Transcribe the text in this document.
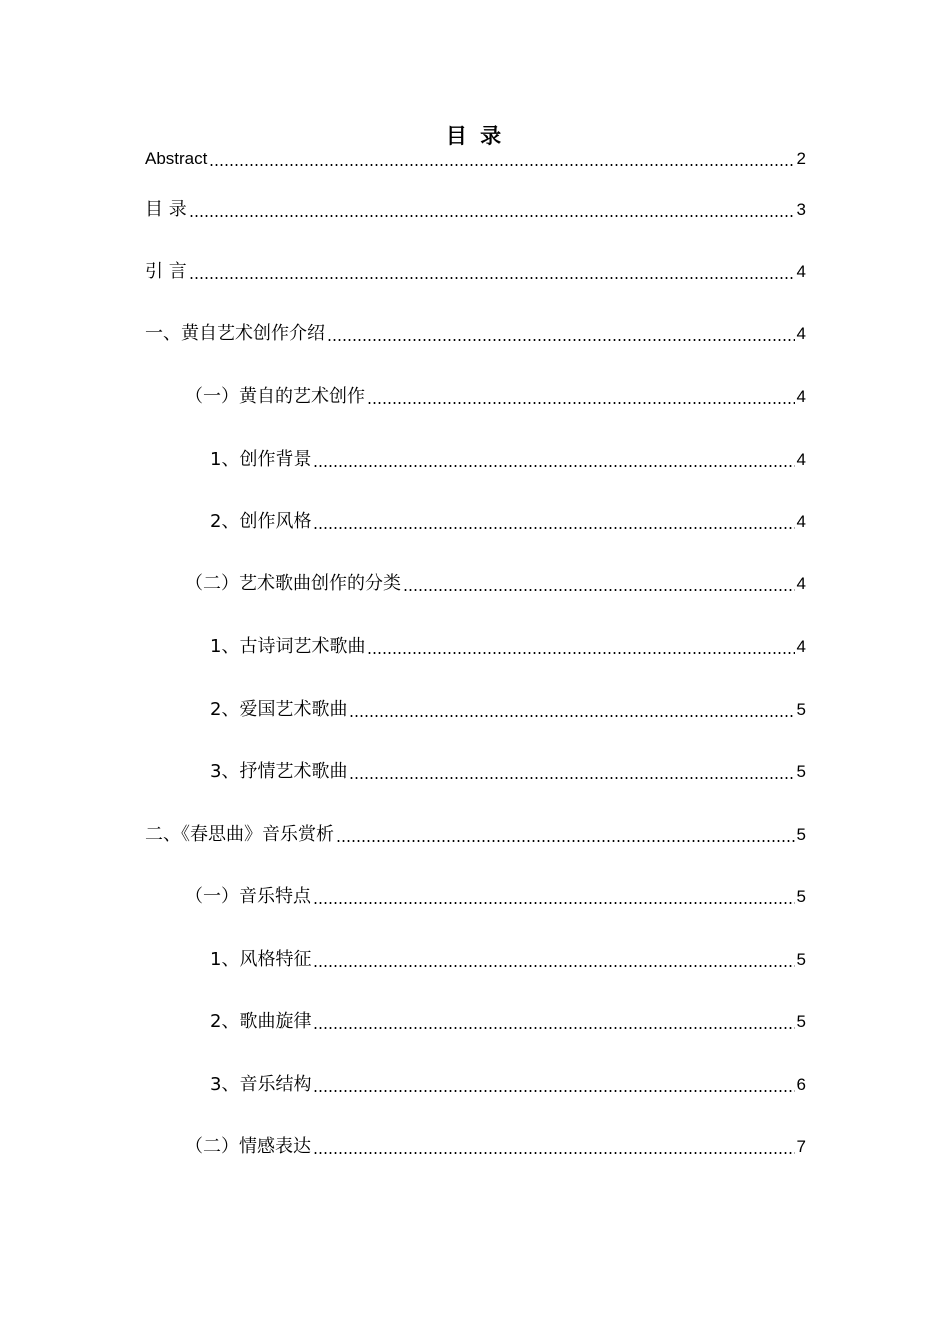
目 录
Abstract	2
目 录	3
引 言	4
一、黄自艺术创作介绍	4
（一）黄自的艺术创作	4
1、创作背景	4
2、创作风格	4
（二）艺术歌曲创作的分类	4
1、古诗词艺术歌曲	4
2、爱国艺术歌曲	5
3、抒情艺术歌曲	5
二、《春思曲》音乐赏析	5
（一）音乐特点	5
1、风格特征	5
2、歌曲旋律	5
3、音乐结构	6
（二）情感表达	7
